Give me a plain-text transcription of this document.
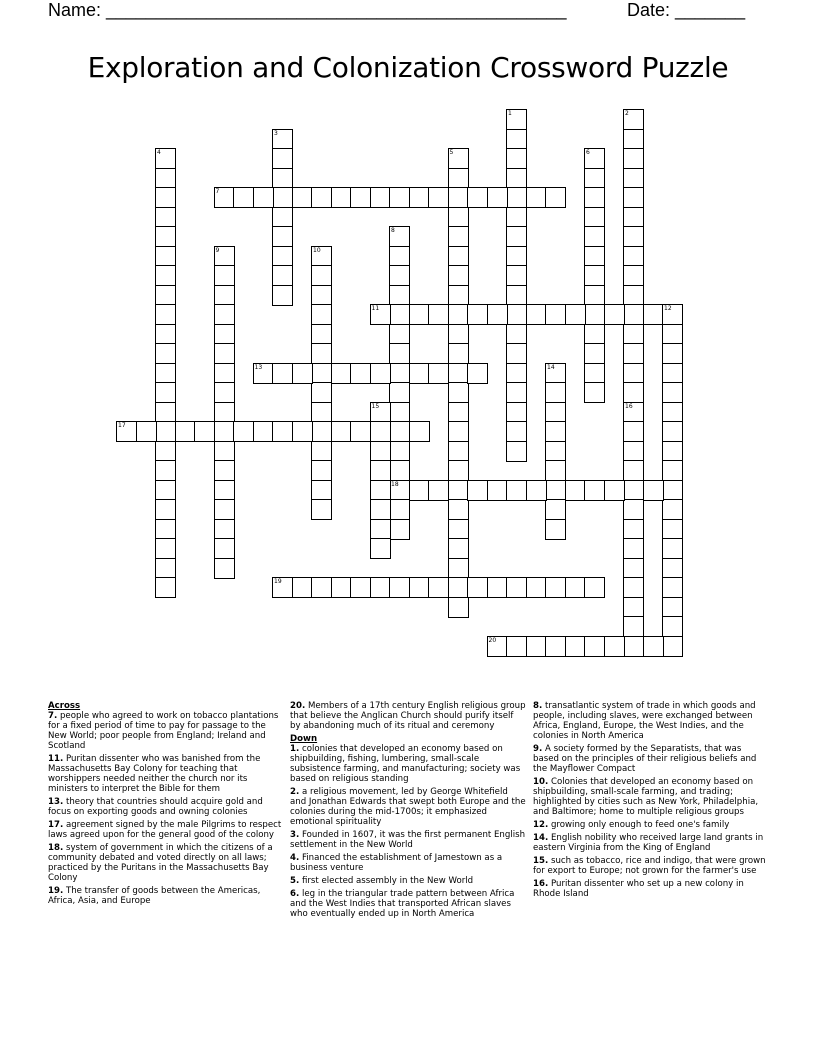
Name: ______________________________________________	Date: _______
Exploration and Colonization Crossword Puzzle
1	2
3
4	5	6
7
8
9	10
11	12
13	14
15	16
17
18
19
20

Across

7. people who agreed to work on tobacco plantations for a fixed period of time to pay for passage to the New World; poor people from England; Ireland and Scotland

11. Puritan dissenter who was banished from the Massachusetts Bay Colony for teaching that worshippers needed neither the church nor its ministers to interpret the Bible for them

13. theory that countries should acquire gold and focus on exporting goods and owning colonies

17. agreement signed by the male Pilgrims to respect laws agreed upon for the general good of the colony

18. system of government in which the citizens of a community debated and voted directly on all laws; practiced by the Puritans in the Massachusetts Bay Colony

19. The transfer of goods between the Americas, Africa, Asia, and Europe

20. Members of a 17th century English religious group that believe the Anglican Church should purify itself by abandoning much of its ritual and ceremony

Down

1. colonies that developed an economy based on shipbuilding, fishing, lumbering, small-scale subsistence farming, and manufacturing; society was based on religious standing

2. a religious movement, led by George Whitefield and Jonathan Edwards that swept both Europe and the colonies during the mid-1700s; it emphasized emotional spirituality

3. Founded in 1607, it was the first permanent English settlement in the New World

4. Financed the establishment of Jamestown as a business venture

5. first elected assembly in the New World

6. leg in the triangular trade pattern between Africa and the West Indies that transported African slaves who eventually ended up in North America

8. transatlantic system of trade in which goods and people, including slaves, were exchanged between Africa, England, Europe, the West Indies, and the colonies in North America

9. A society formed by the Separatists, that was based on the principles of their religious beliefs and the Mayflower Compact

10. Colonies that developed an economy based on shipbuilding, small-scale farming, and trading; highlighted by cities such as New York, Philadelphia, and Baltimore; home to multiple religious groups

12. growing only enough to feed one's family

14. English nobility who received large land grants in eastern Virginia from the King of England

15. such as tobacco, rice and indigo, that were grown for export to Europe; not grown for the farmer's use

16. Puritan dissenter who set up a new colony in Rhode Island
